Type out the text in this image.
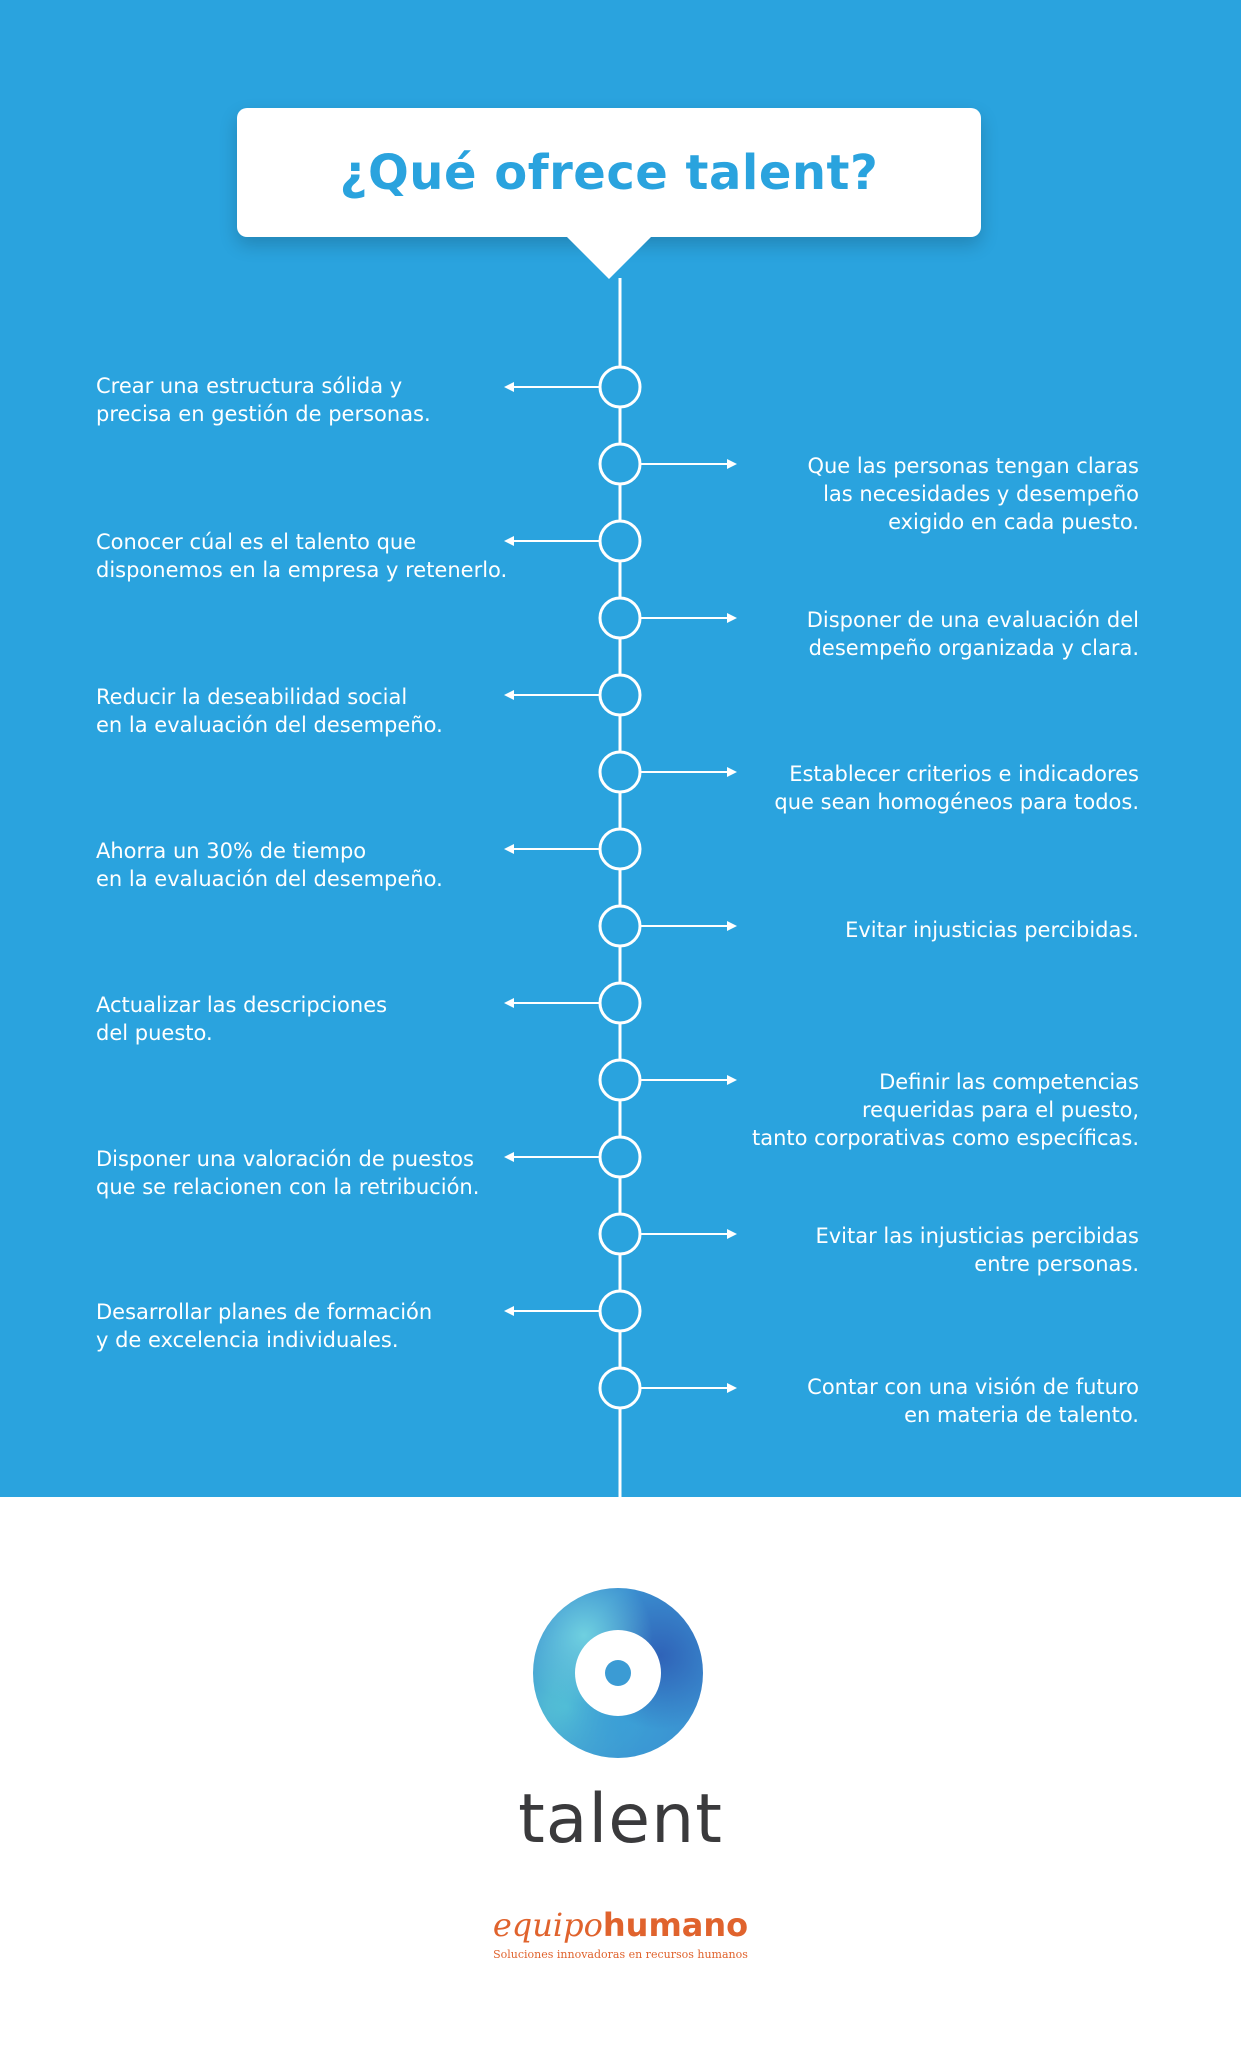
¿Qué ofrece talent?
Crear una estructura sólida y
precisa en gestión de personas.
Conocer cúal es el talento que
disponemos en la empresa y retenerlo.
Reducir la deseabilidad social
en la evaluación del desempeño.
Ahorra un 30% de tiempo
en la evaluación del desempeño.
Actualizar las descripciones
del puesto.
Disponer una valoración de puestos
que se relacionen con la retribución.
Desarrollar planes de formación
y de excelencia individuales.
Que las personas tengan claras
las necesidades y desempeño
exigido en cada puesto.
Disponer de una evaluación del
desempeño organizada y clara.
Establecer criterios e indicadores
que sean homogéneos para todos.
Evitar injusticias percibidas.
Definir las competencias
requeridas para el puesto,
tanto corporativas como específicas.
Evitar las injusticias percibidas
entre personas.
Contar con una visión de futuro
en materia de talento.
talent
equipohumano
Soluciones innovadoras en recursos humanos
